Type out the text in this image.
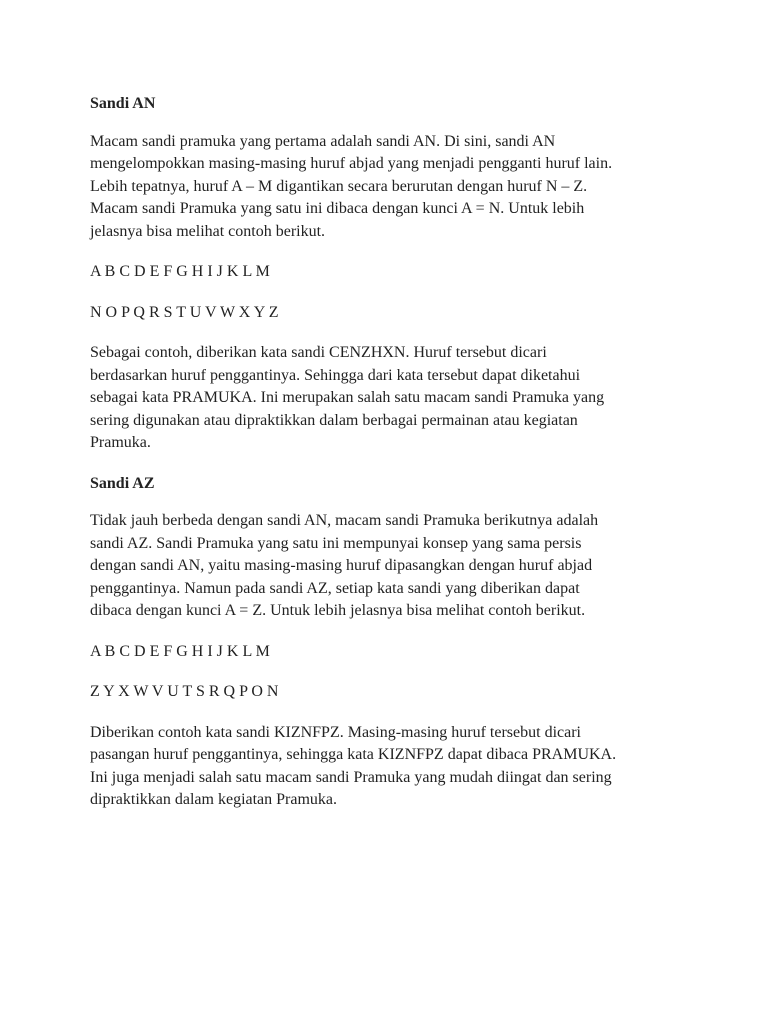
Sandi AN
Macam sandi pramuka yang pertama adalah sandi AN. Di sini, sandi AN
mengelompokkan masing-masing huruf abjad yang menjadi pengganti huruf lain.
Lebih tepatnya, huruf A – M digantikan secara berurutan dengan huruf N – Z.
Macam sandi Pramuka yang satu ini dibaca dengan kunci A = N. Untuk lebih
jelasnya bisa melihat contoh berikut.
A B C D E F G H I J K L M
N O P Q R S T U V W X Y Z
Sebagai contoh, diberikan kata sandi CENZHXN. Huruf tersebut dicari
berdasarkan huruf penggantinya. Sehingga dari kata tersebut dapat diketahui
sebagai kata PRAMUKA. Ini merupakan salah satu macam sandi Pramuka yang
sering digunakan atau dipraktikkan dalam berbagai permainan atau kegiatan
Pramuka.
Sandi AZ
Tidak jauh berbeda dengan sandi AN, macam sandi Pramuka berikutnya adalah
sandi AZ. Sandi Pramuka yang satu ini mempunyai konsep yang sama persis
dengan sandi AN, yaitu masing-masing huruf dipasangkan dengan huruf abjad
penggantinya. Namun pada sandi AZ, setiap kata sandi yang diberikan dapat
dibaca dengan kunci A = Z. Untuk lebih jelasnya bisa melihat contoh berikut.
A B C D E F G H I J K L M
Z Y X W V U T S R Q P O N
Diberikan contoh kata sandi KIZNFPZ. Masing-masing huruf tersebut dicari
pasangan huruf penggantinya, sehingga kata KIZNFPZ dapat dibaca PRAMUKA.
Ini juga menjadi salah satu macam sandi Pramuka yang mudah diingat dan sering
dipraktikkan dalam kegiatan Pramuka.
